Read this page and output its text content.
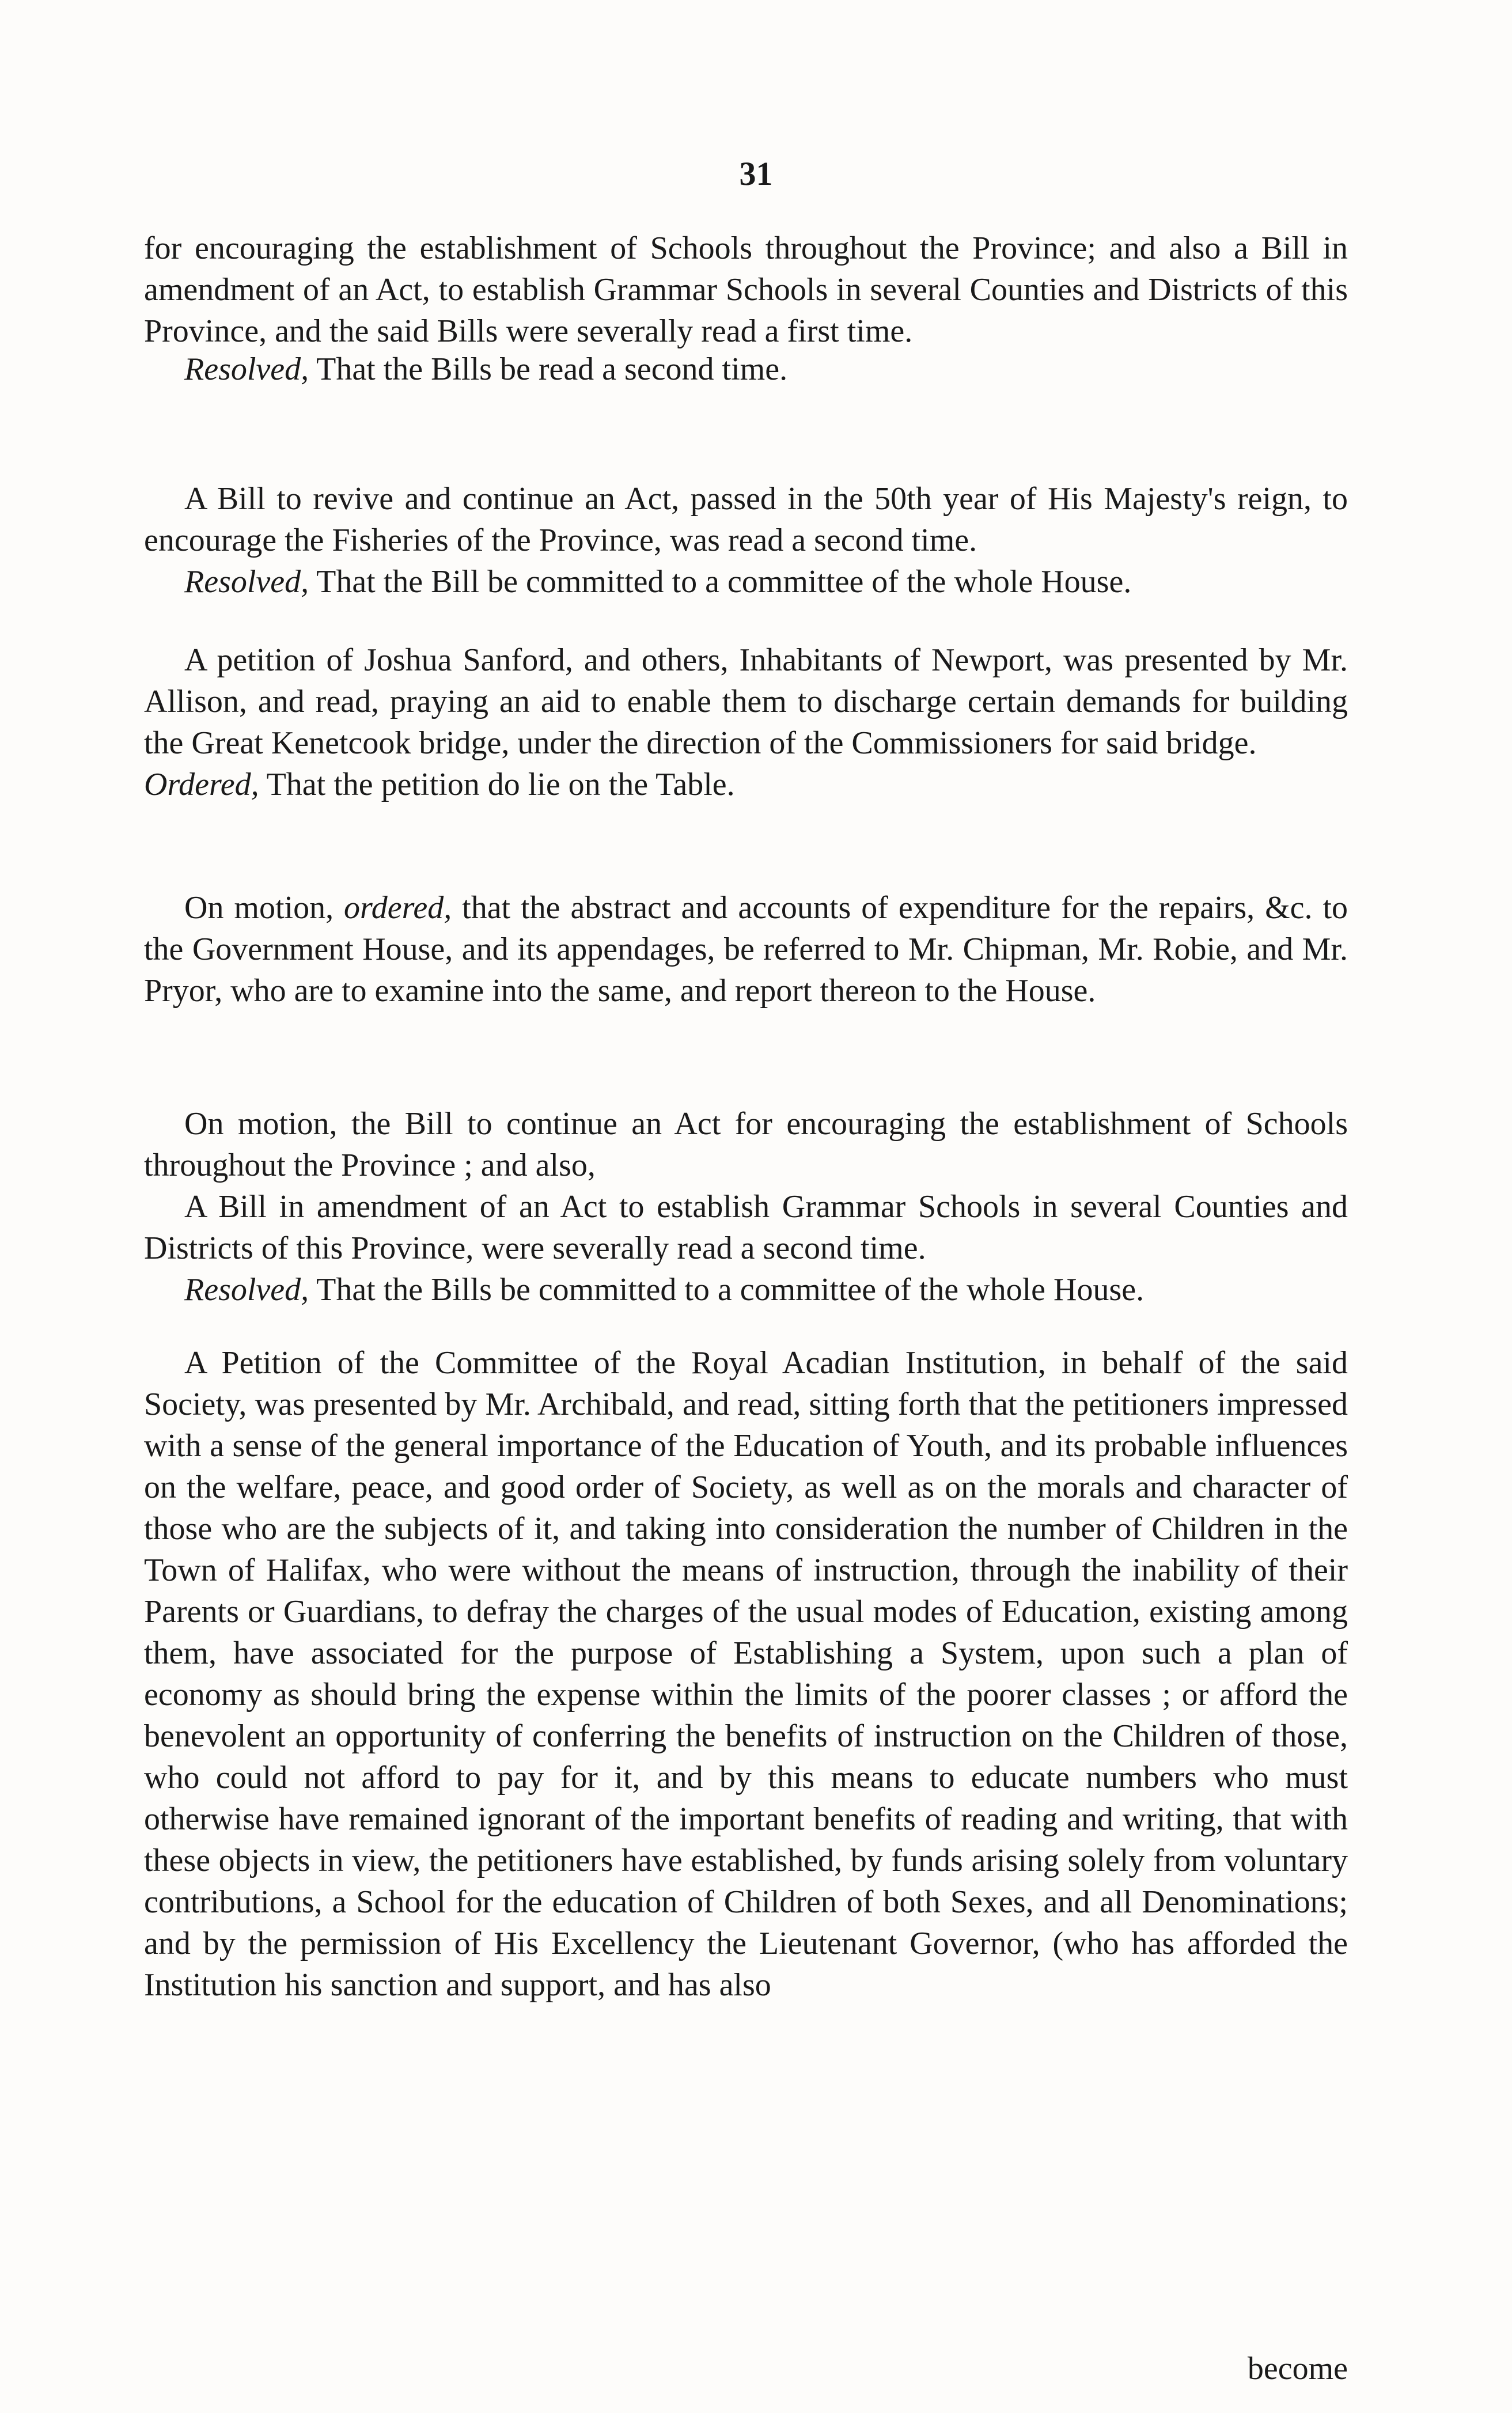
31

for encouraging the establishment of Schools throughout the Province; and also a Bill in amendment of an Act, to establish Grammar Schools in several Counties and Districts of this Province, and the said Bills were severally read a first time.

Resolved, That the Bills be read a second time.

A Bill to revive and continue an Act, passed in the 50th year of His Majesty's reign, to encourage the Fisheries of the Province, was read a second time.

Resolved, That the Bill be committed to a committee of the whole House.

A petition of Joshua Sanford, and others, Inhabitants of Newport, was presented by Mr. Allison, and read, praying an aid to enable them to discharge certain demands for building the Great Kenetcook bridge, under the direction of the Commissioners for said bridge.

Ordered, That the petition do lie on the Table.

On motion, ordered, that the abstract and accounts of expenditure for the repairs, &c. to the Government House, and its appendages, be referred to Mr. Chipman, Mr. Robie, and Mr. Pryor, who are to examine into the same, and report thereon to the House.

On motion, the Bill to continue an Act for encouraging the establishment of Schools throughout the Province ; and also,

A Bill in amendment of an Act to establish Grammar Schools in several Counties and Districts of this Province, were severally read a second time.

Resolved, That the Bills be committed to a committee of the whole House.

A Petition of the Committee of the Royal Acadian Institution, in behalf of the said Society, was presented by Mr. Archibald, and read, sitting forth that the petitioners impressed with a sense of the general importance of the Education of Youth, and its probable influences on the welfare, peace, and good order of Society, as well as on the morals and character of those who are the subjects of it, and taking into consideration the number of Children in the Town of Halifax, who were without the means of instruction, through the inability of their Parents or Guardians, to defray the charges of the usual modes of Education, existing among them, have associated for the purpose of Establishing a System, upon such a plan of economy as should bring the expense within the limits of the poorer classes ; or afford the benevolent an opportunity of conferring the benefits of instruction on the Children of those, who could not afford to pay for it, and by this means to educate numbers who must otherwise have remained ignorant of the important benefits of reading and writing, that with these objects in view, the petitioners have established, by funds arising solely from voluntary contributions, a School for the education of Children of both Sexes, and all Denominations; and by the permission of His Excellency the Lieutenant Governor, (who has afforded the Institution his sanction and support, and has also

become
